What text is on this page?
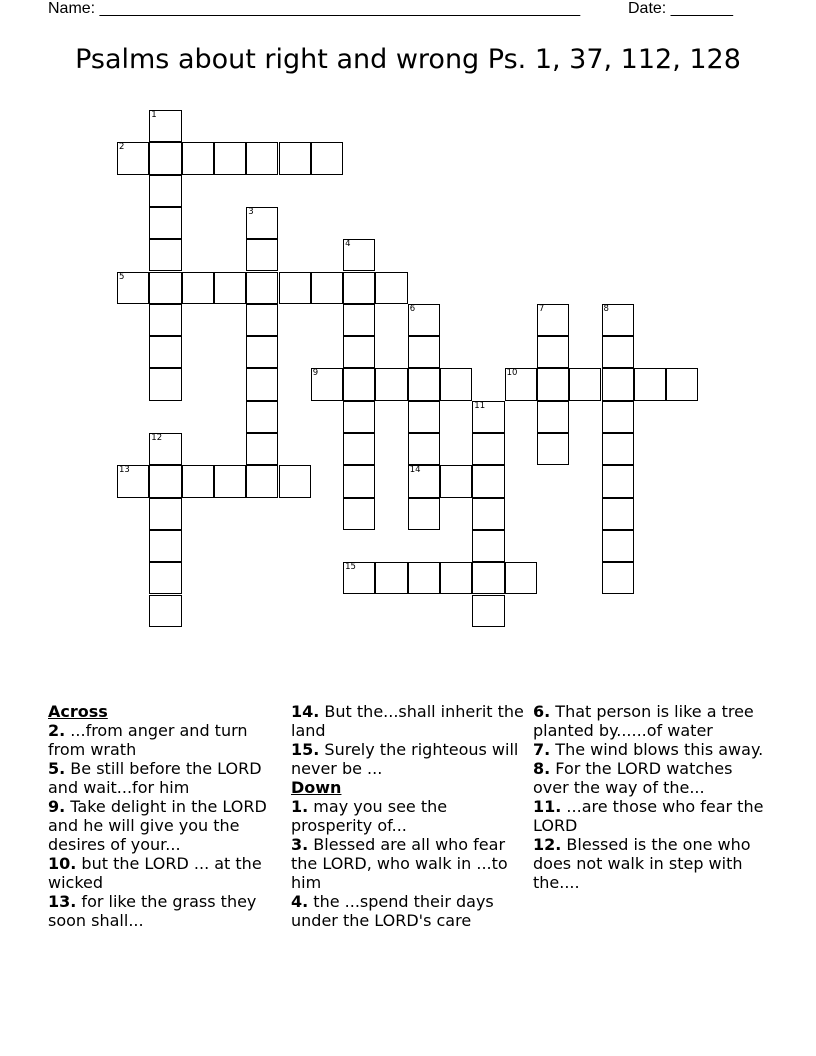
Name: ______________________________________________________	Date: _______
Psalms about right and wrong Ps. 1, 37, 112, 128
1
2
3
4
5
6	7	8
9	10
11
12
13	14
15
Across

2. ...from anger and turn from wrath

5. Be still before the LORD and wait...for him

9. Take delight in the LORD and he will give you the desires of your...

10. but the LORD ... at the wicked

13. for like the grass they soon shall...

14. But the...shall inherit the land

15. Surely the righteous will never be ...

Down

1. may you see the prosperity of...

3. Blessed are all who fear the LORD, who walk in ...to him

4. the ...spend their days under the LORD's care

6. That person is like a tree planted by......of water

7. The wind blows this away.

8. For the LORD watches over the way of the...

11. ...are those who fear the LORD

12. Blessed is the one who does not walk in step with the....
